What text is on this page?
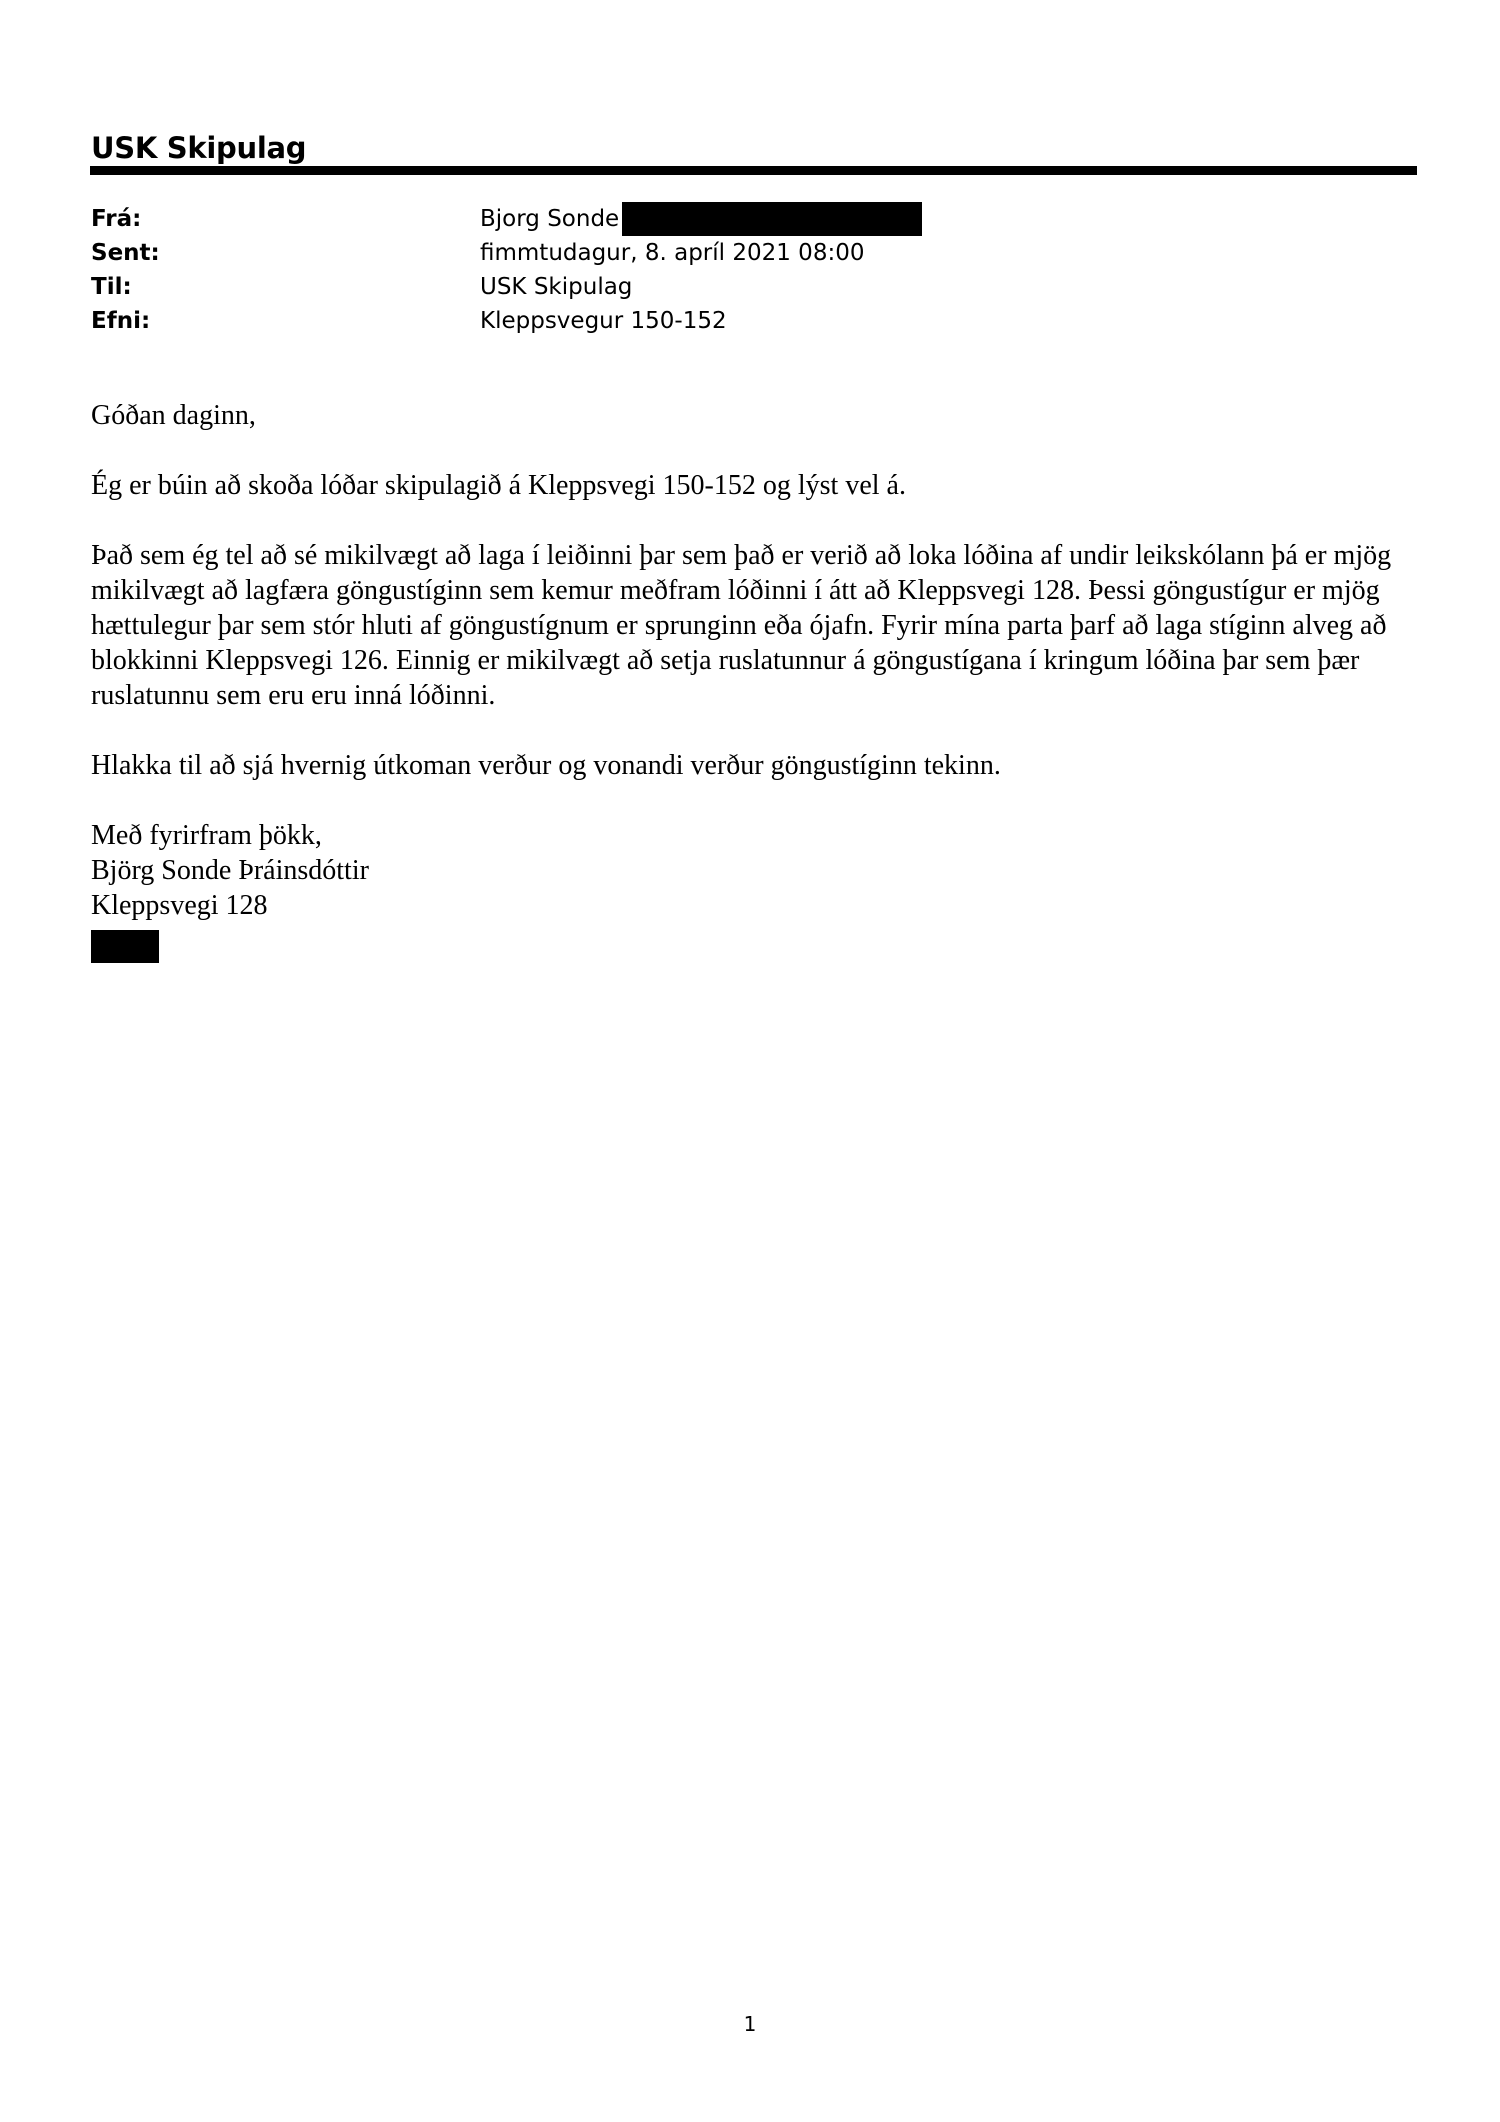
USK Skipulag
Frá:	Bjorg Sonde
Sent:	fimmtudagur, 8. apríl 2021 08:00
Til:	USK Skipulag
Efni:	Kleppsvegur 150-152

Góðan daginn,

Ég er búin að skoða lóðar skipulagið á Kleppsvegi 150-152 og lýst vel á.

Það sem ég tel að sé mikilvægt að laga í leiðinni þar sem það er verið að loka lóðina af undir leikskólann þá er mjög mikilvægt að lagfæra göngustíginn sem kemur meðfram lóðinni í átt að Kleppsvegi 128. Þessi göngustígur er mjög hættulegur þar sem stór hluti af göngustígnum er sprunginn eða ójafn. Fyrir mína parta þarf að laga stíginn alveg að blokkinni Kleppsvegi 126. Einnig er mikilvægt að setja ruslatunnur á göngustígana í kringum lóðina þar sem þær ruslatunnu sem eru eru inná lóðinni.

Hlakka til að sjá hvernig útkoman verður og vonandi verður göngustíginn tekinn.

Með fyrirfram þökk,
Björg Sonde Þráinsdóttir
Kleppsvegi 128
1
